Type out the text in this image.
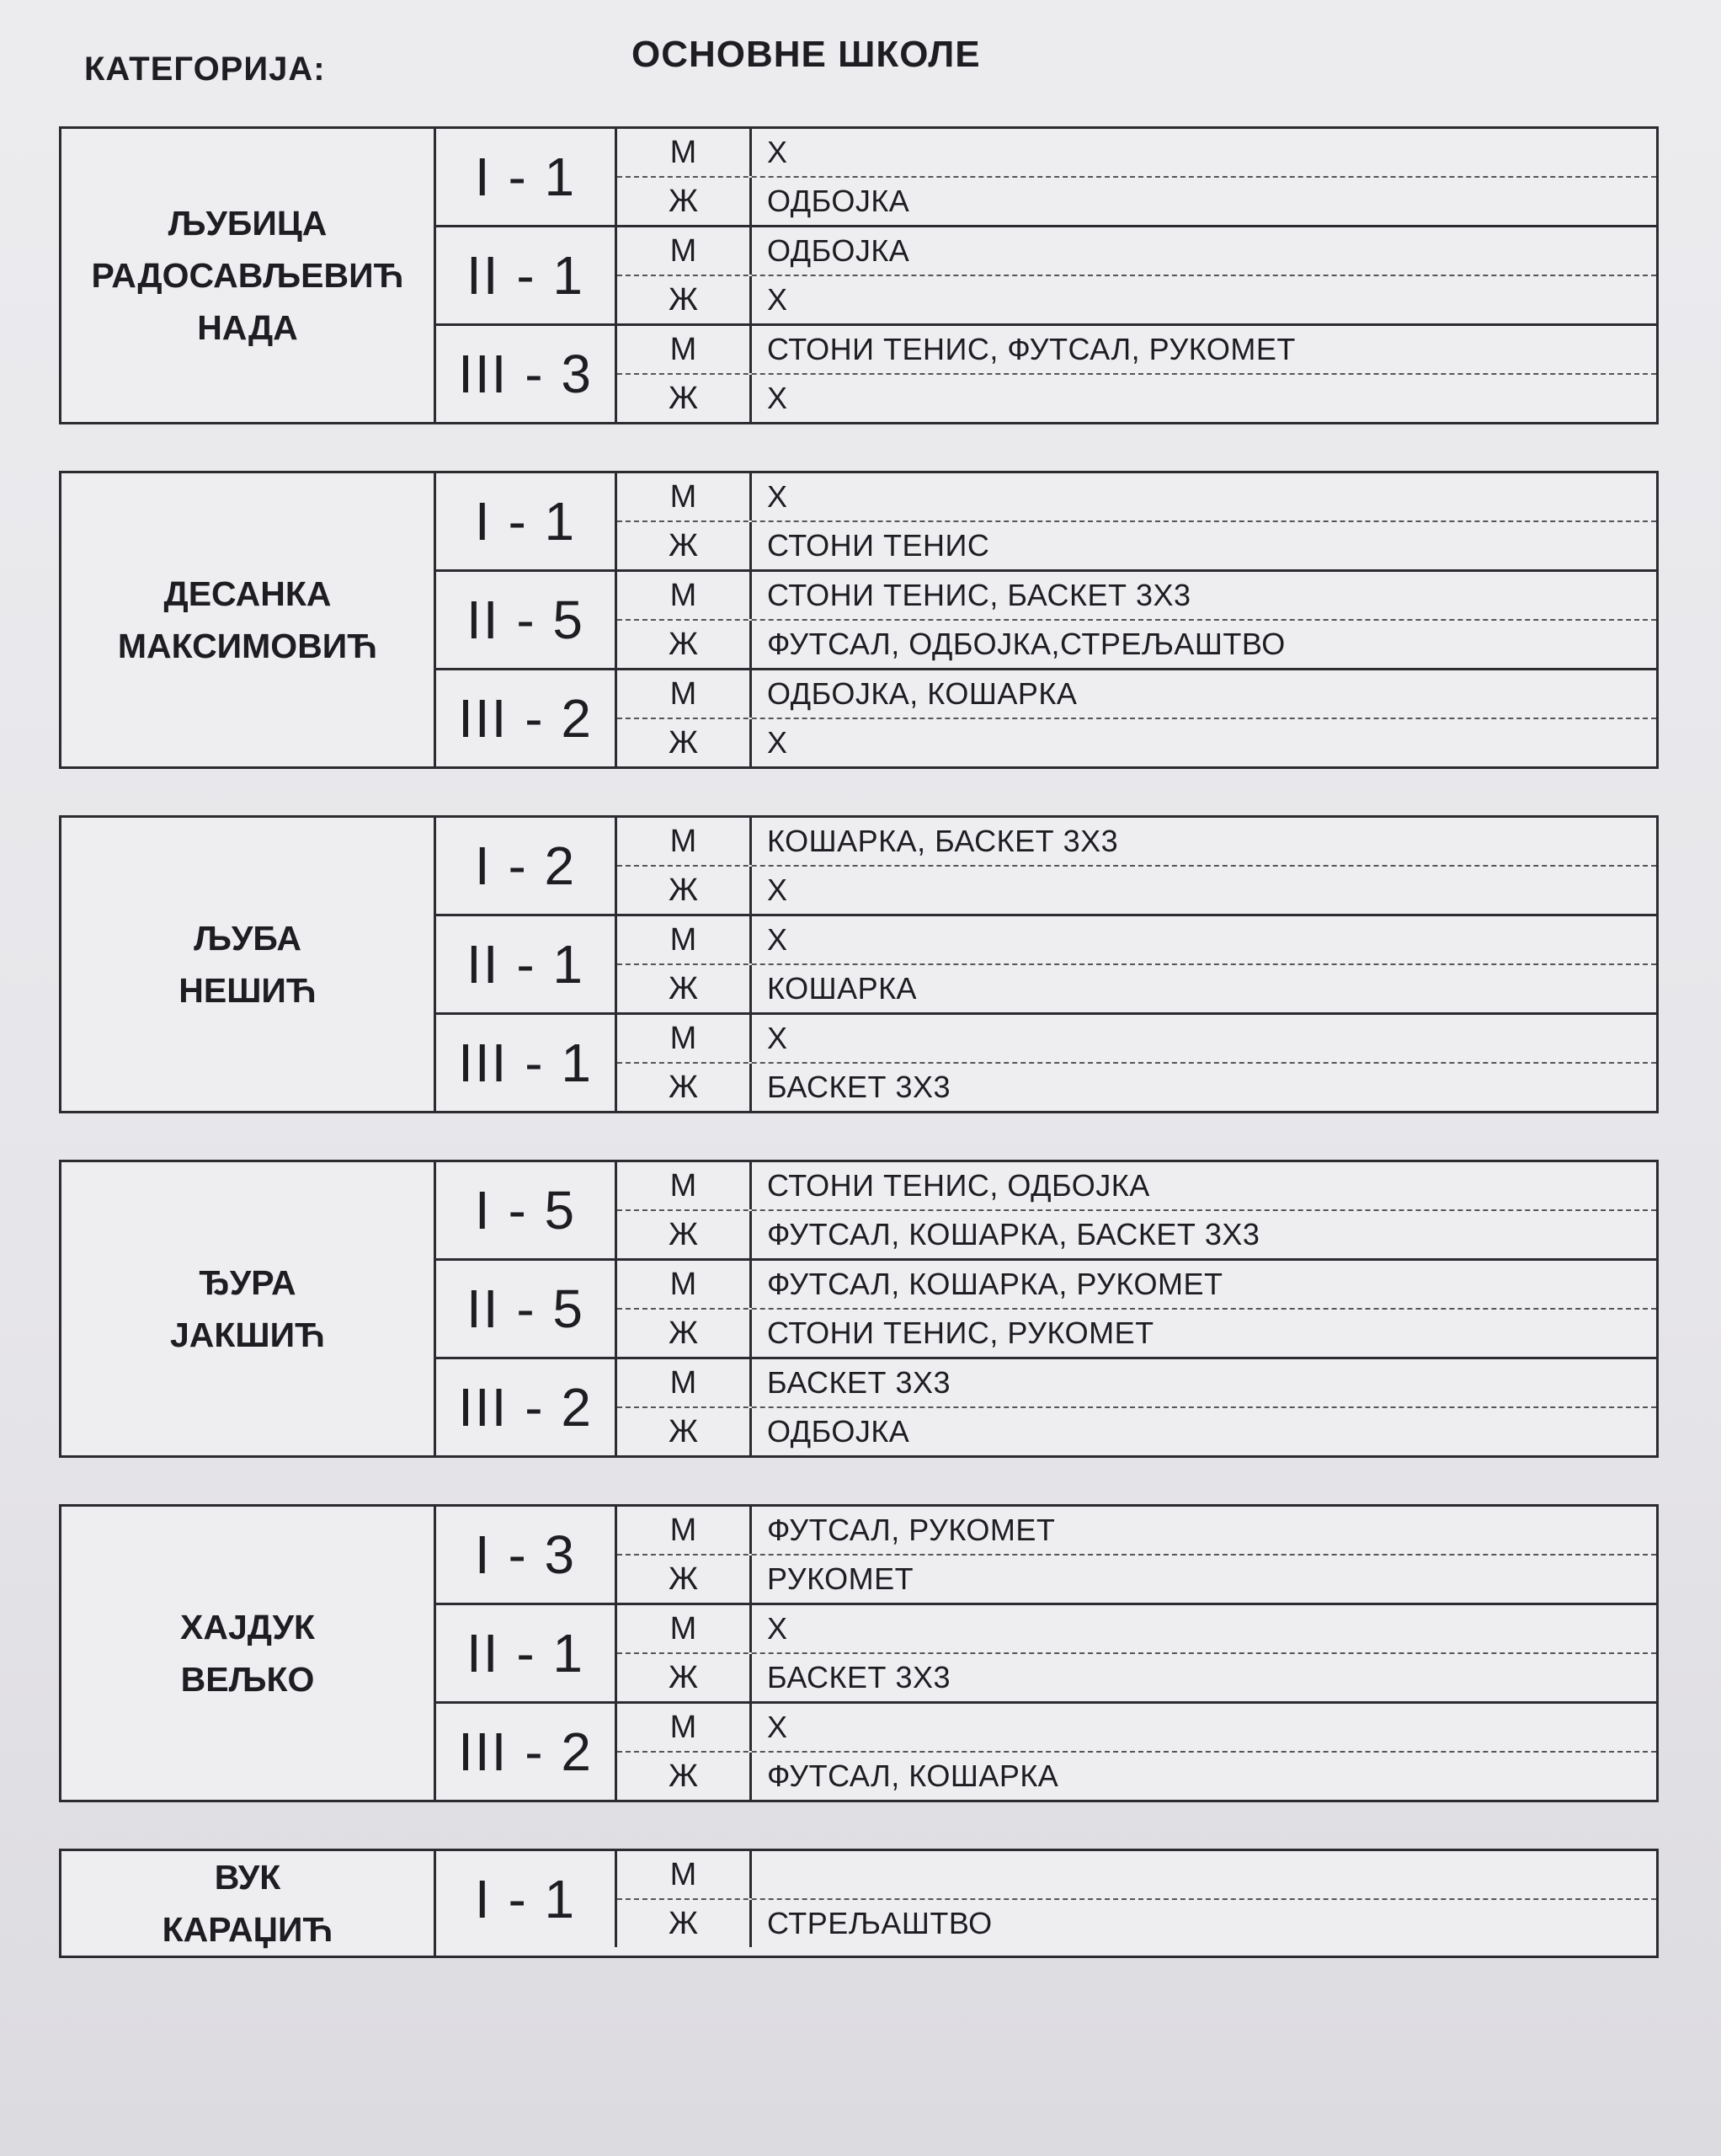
КАТЕГОРИЈА:	ОСНОВНЕ ШКОЛЕ
ЉУБИЦА
РАДОСАВЉЕВИЋ
НАДА
I - 1	М	Х
Ж	ОДБОЈКА
II - 1	М	ОДБОЈКА
Ж	Х
III - 3	М	СТОНИ ТЕНИС, ФУТСАЛ, РУКОМЕТ
Ж	Х
ДЕСАНКА
МАКСИМОВИЋ
I - 1	М	Х
Ж	СТОНИ ТЕНИС
II - 5	М	СТОНИ ТЕНИС, БАСКЕТ 3Х3
Ж	ФУТСАЛ, ОДБОЈКА,СТРЕЉАШТВО
III - 2	М	ОДБОЈКА, КОШАРКА
Ж	Х
ЉУБА
НЕШИЋ
I - 2	М	КОШАРКА, БАСКЕТ 3Х3
Ж	Х
II - 1	М	Х
Ж	КОШАРКА
III - 1	М	Х
Ж	БАСКЕТ 3Х3
ЂУРА
ЈАКШИЋ
I - 5	М	СТОНИ ТЕНИС, ОДБОЈКА
Ж	ФУТСАЛ, КОШАРКА, БАСКЕТ 3Х3
II - 5	М	ФУТСАЛ, КОШАРКА, РУКОМЕТ
Ж	СТОНИ ТЕНИС, РУКОМЕТ
III - 2	М	БАСКЕТ 3Х3
Ж	ОДБОЈКА
ХАЈДУК
ВЕЉКО
I - 3	М	ФУТСАЛ, РУКОМЕТ
Ж	РУКОМЕТ
II - 1	М	Х
Ж	БАСКЕТ 3Х3
III - 2	М	Х
Ж	ФУТСАЛ, КОШАРКА
ВУК
КАРАЏИЋ	I - 1	М
Ж	СТРЕЉАШТВО
